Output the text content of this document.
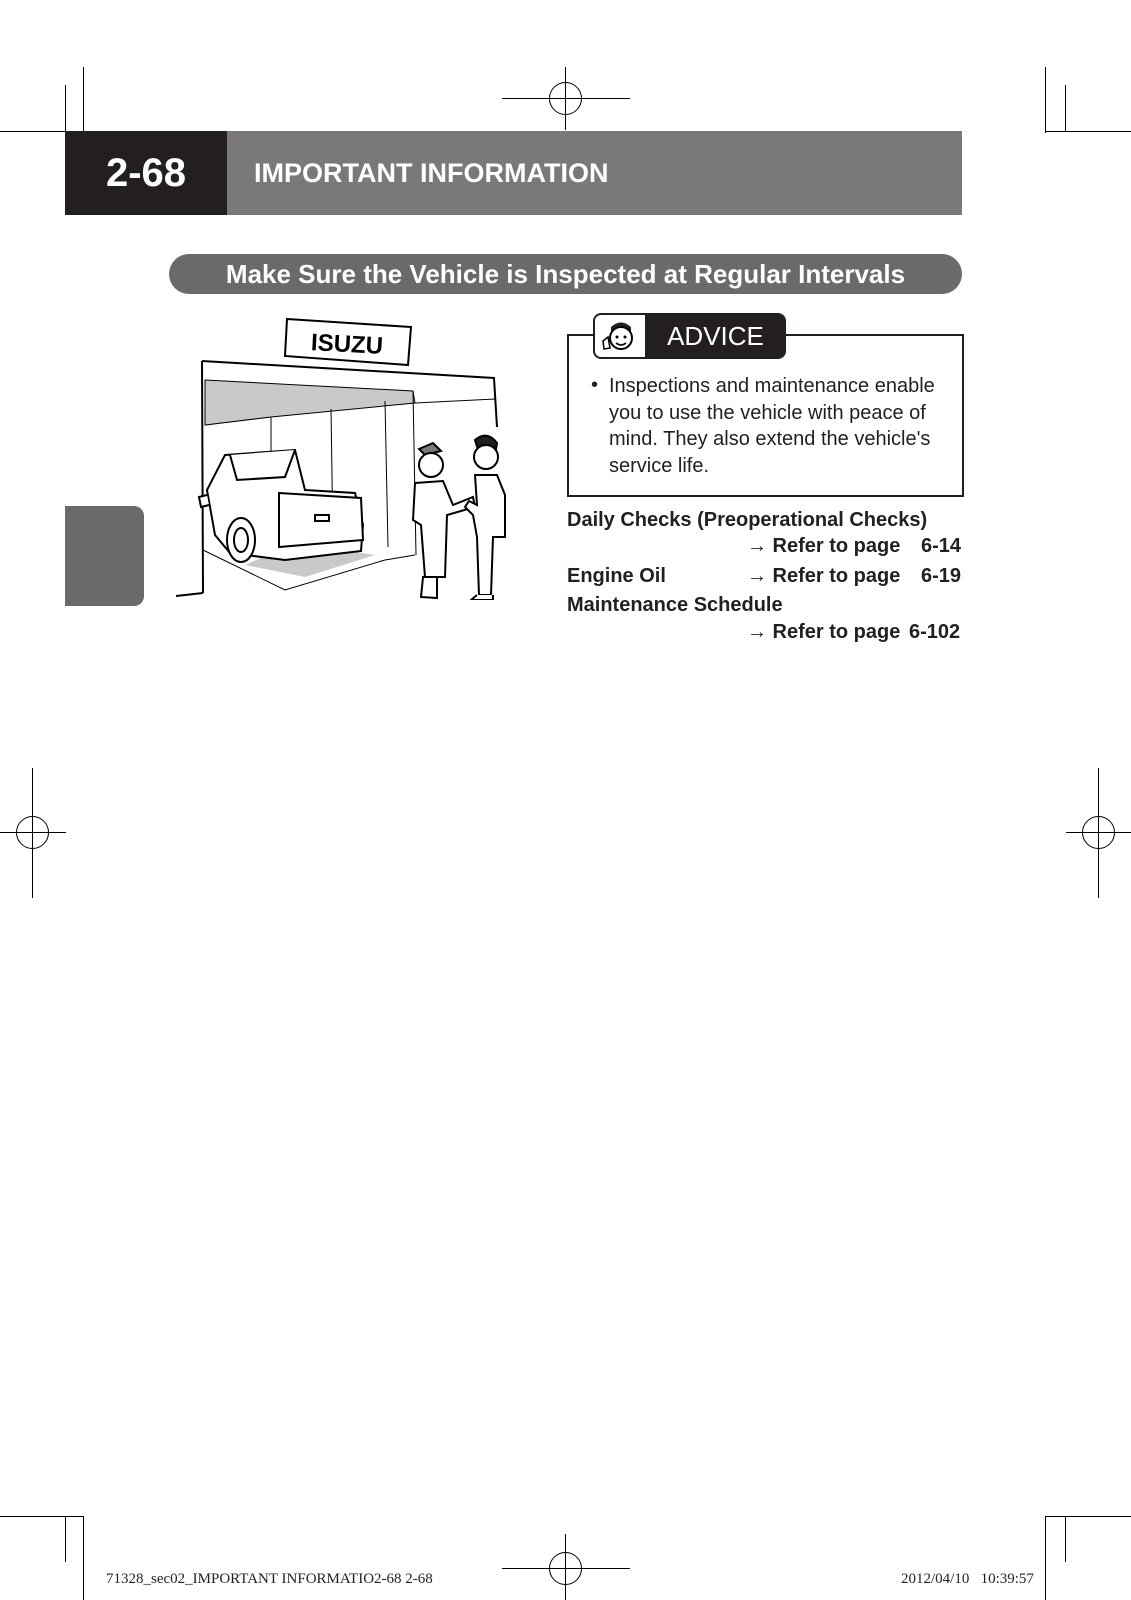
2-68	IMPORTANT INFORMATION
Make Sure the Vehicle is Inspected at Regular Intervals
ISUZU	ADVICE
• Inspections and maintenance enable you to use the vehicle with peace of mind. They also extend the vehicle's service life.
Daily Checks (Preoperational Checks)
→ Refer to page 6-14
Engine Oil	→ Refer to page 6-19
Maintenance Schedule
→ Refer to page 6-102
71328_sec02_IMPORTANT INFORMATIO2-68 2-68	2012/04/10   10:39:57
